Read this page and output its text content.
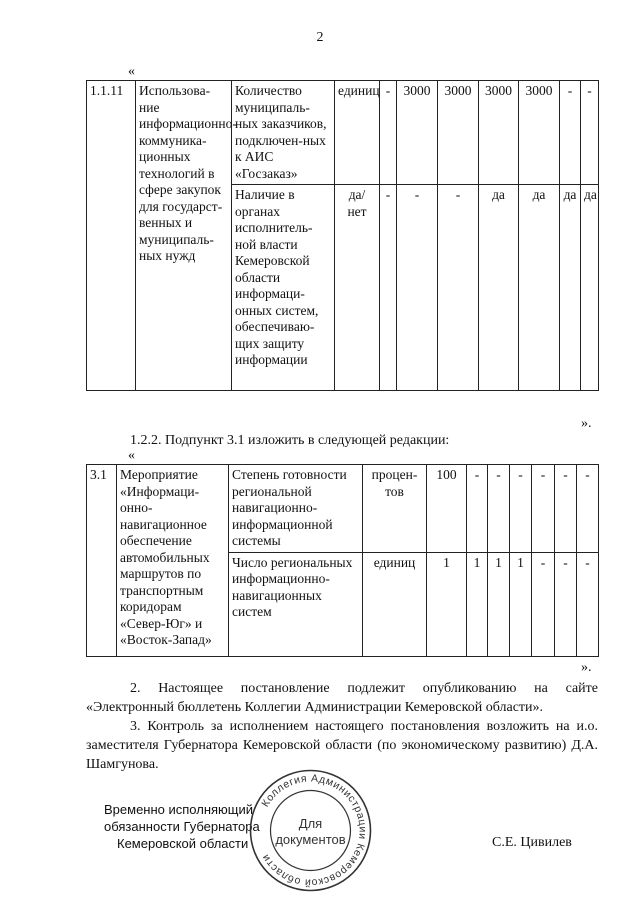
2
«
1.1.11	Использова-ние информационно-коммуника-ционных технологий в сфере закупок для государст-венных и муниципаль-ных нужд	Количество муниципаль-ных заказчиков, подключен-ных к АИС «Госзаказ»	единиц	-	3000	3000	3000	3000	-	-
		Наличие в органах исполнитель-ной власти Кемеровской области информаци-онных систем, обеспечиваю-щих защиту информации	да/ нет	-	-	-	да	да	да	да
».
1.2.2. Подпункт 3.1 изложить в следующей редакции:
«
3.1	Мероприятие «Информаци-онно-навигационное обеспечение автомобильных маршрутов по транспортным коридорам «Север-Юг» и «Восток-Запад»	Степень готовности региональной навигационно-информационной системы	процен-тов	100	-	-	-	-	-	-
		Число региональных информационно-навигационных систем	единиц	1	1	1	1	-	-	-
».
2. Настоящее постановление подлежит опубликованию на сайте «Электронный бюллетень Коллегии Администрации Кемеровской области».
3. Контроль за исполнением настоящего постановления возложить на и.о. заместителя Губернатора Кемеровской области (по экономическому развитию) Д.А. Шамгунова.
Временно исполняющий
обязанности Губернатора
Кемеровской области	С.Е. Цивилев
Коллегия Администрации Кемеровской области
Для
документов
